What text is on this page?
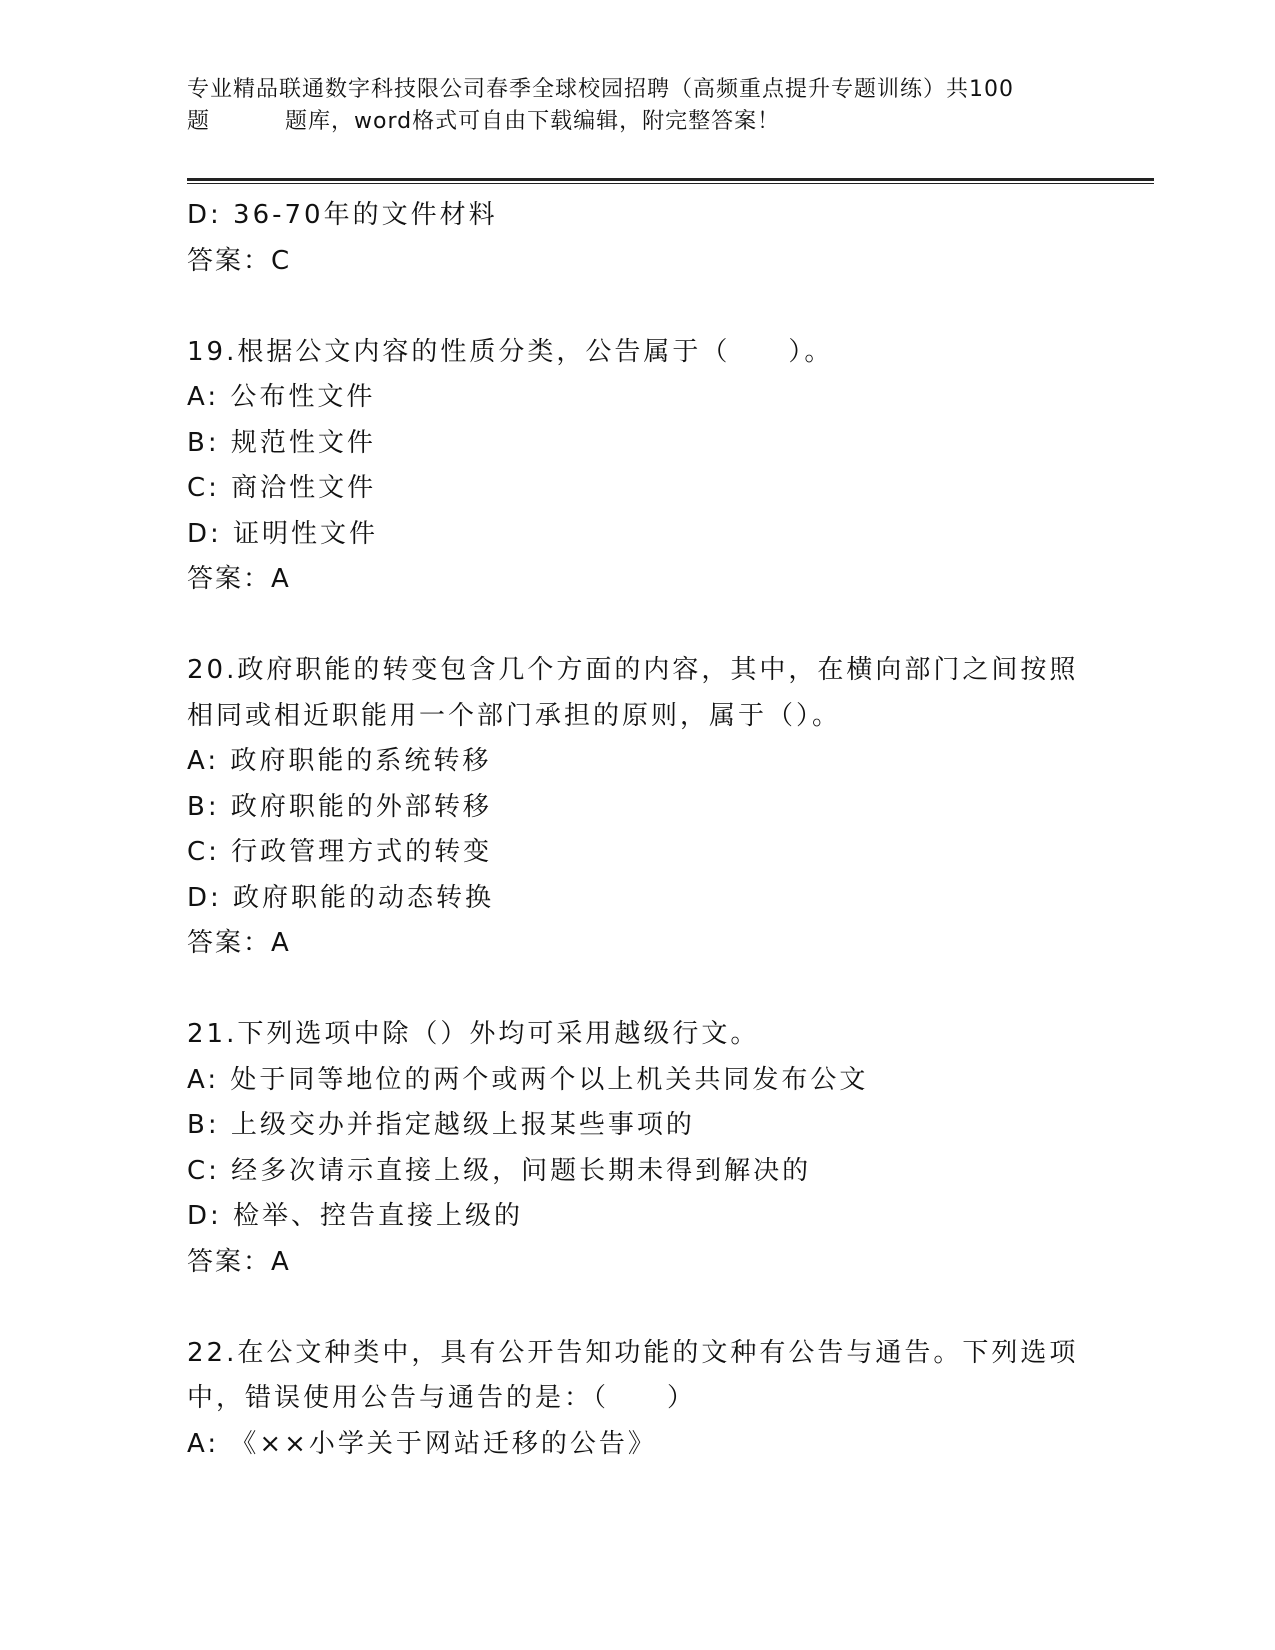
专业精品联通数字科技限公司春季全球校园招聘（高频重点提升专题训练）共100
题	题库，word格式可自由下载编辑，附完整答案！
D: 36-70年的文件材料
答案：C
19.根据公文内容的性质分类，公告属于（　　）。
A: 公布性文件
B: 规范性文件
C: 商洽性文件
D: 证明性文件
答案：A
20.政府职能的转变包含几个方面的内容，其中，在横向部门之间按照
相同或相近职能用一个部门承担的原则，属于（）。
A: 政府职能的系统转移
B: 政府职能的外部转移
C: 行政管理方式的转变
D: 政府职能的动态转换
答案：A
21.下列选项中除（）外均可采用越级行文。
A: 处于同等地位的两个或两个以上机关共同发布公文
B: 上级交办并指定越级上报某些事项的
C: 经多次请示直接上级，问题长期未得到解决的
D: 检举、控告直接上级的
答案：A
22.在公文种类中，具有公开告知功能的文种有公告与通告。下列选项
中，错误使用公告与通告的是：（　　）
A: 《××小学关于网站迁移的公告》
